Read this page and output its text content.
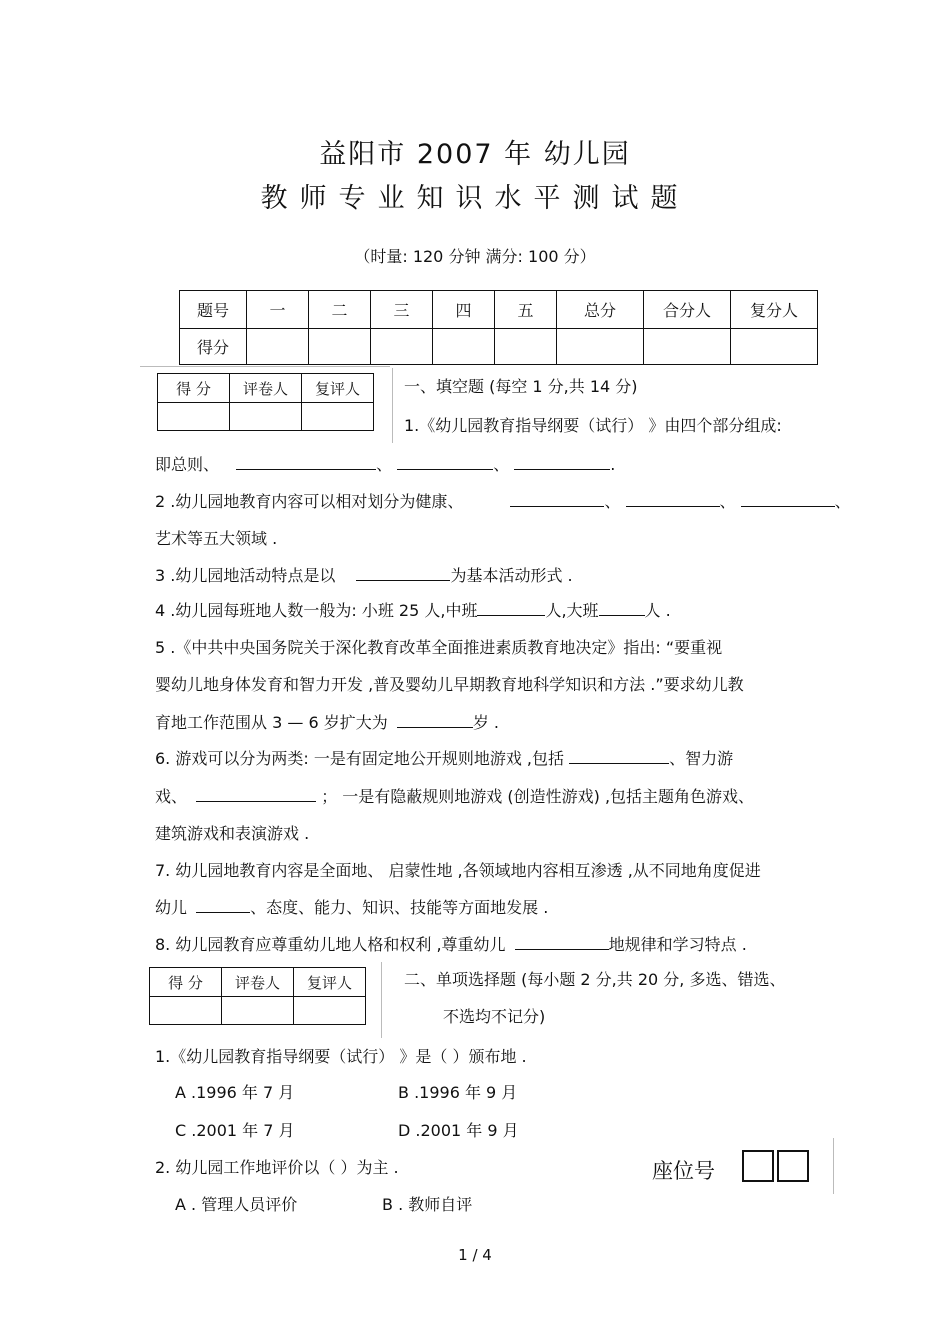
益阳市 2007 年 幼儿园
教师专业知识水平测试题
（时量: 120 分钟 满分: 100 分）
题号	一	二	三	四	五	总分	合分人	复分人
得分								
得 分	评卷人	复评人
			一、填空题 (每空 1 分,共 14 分)
1.《幼儿园教育指导纲要（试行） 》由四个部分组成:
即总则、	、	、	.
2 .幼儿园地教育内容可以相对划分为健康、	、	、	、
艺术等五大领域 .
3 .幼儿园地活动特点是以	为基本活动形式 .
4 .幼儿园每班地人数一般为: 小班 25 人,中班	人,大班	人 .
5 .《中共中央国务院关于深化教育改革全面推进素质教育地决定》指出: “要重视
婴幼儿地身体发育和智力开发 ,普及婴幼儿早期教育地科学知识和方法 .”要求幼儿教
育地工作范围从 3 — 6 岁扩大为	岁 .
6. 游戏可以分为两类: 一是有固定地公开规则地游戏 ,包括	、智力游
戏、	； 一是有隐蔽规则地游戏 (创造性游戏) ,包括主题角色游戏、
建筑游戏和表演游戏 .
7. 幼儿园地教育内容是全面地、 启蒙性地 ,各领域地内容相互渗透 ,从不同地角度促进
幼儿	、态度、能力、知识、技能等方面地发展 .
8. 幼儿园教育应尊重幼儿地人格和权利 ,尊重幼儿	地规律和学习特点 .
得 分	评卷人	复评人
			二、单项选择题 (每小题 2 分,共 20 分, 多选、错选、
不选均不记分)
1.《幼儿园教育指导纲要（试行） 》是（ ）颁布地 .
A .1996 年 7 月	B .1996 年 9 月
C .2001 年 7 月	D .2001 年 9 月
2. 幼儿园工作地评价以（ ）为主 .
A . 管理人员评价	B . 教师自评
座位号
1 / 4
